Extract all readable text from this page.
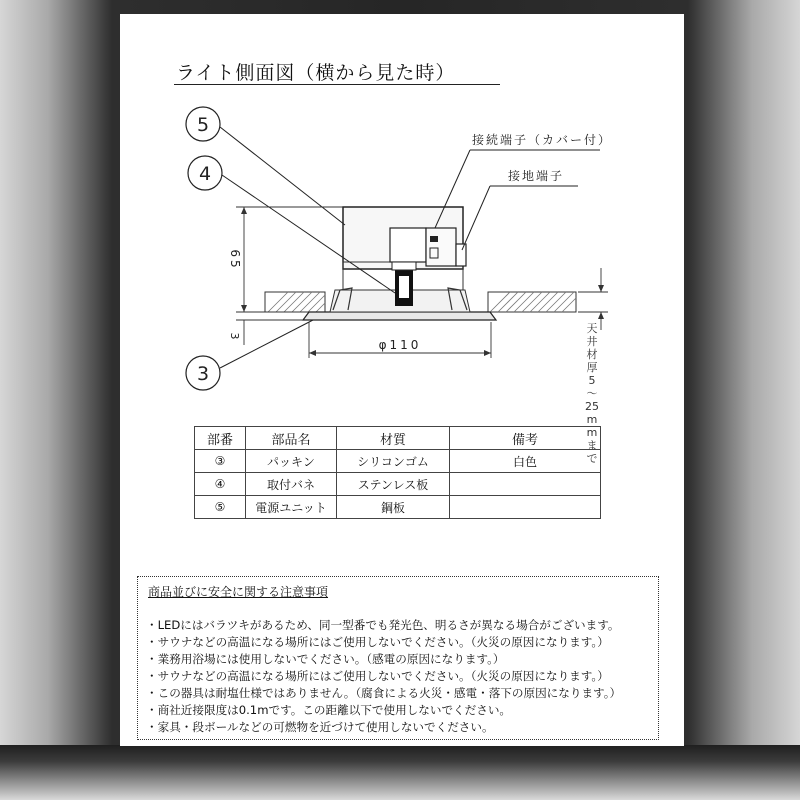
ライト側面図（横から見た時）
5
4
3
接続端子（カバー付）
接地端子
65
3
φ110
天井材厚5～25mmまで
部番	部品名	材質	備考
③	パッキン	シリコンゴム	白色
④	取付バネ	ステンレス板	
⑤	電源ユニット	鋼板	
商品並びに安全に関する注意事項
・LEDにはバラツキがあるため、同一型番でも発光色、明るさが異なる場合がございます。
・サウナなどの高温になる場所にはご使用しないでください。（火災の原因になります。）
・業務用浴場には使用しないでください。（感電の原因になります。）
・サウナなどの高温になる場所にはご使用しないでください。（火災の原因になります。）
・この器具は耐塩仕様ではありません。（腐食による火災・感電・落下の原因になります。）
・商社近接限度は0.1mです。この距離以下で使用しないでください。
・家具・段ボールなどの可燃物を近づけて使用しないでください。
